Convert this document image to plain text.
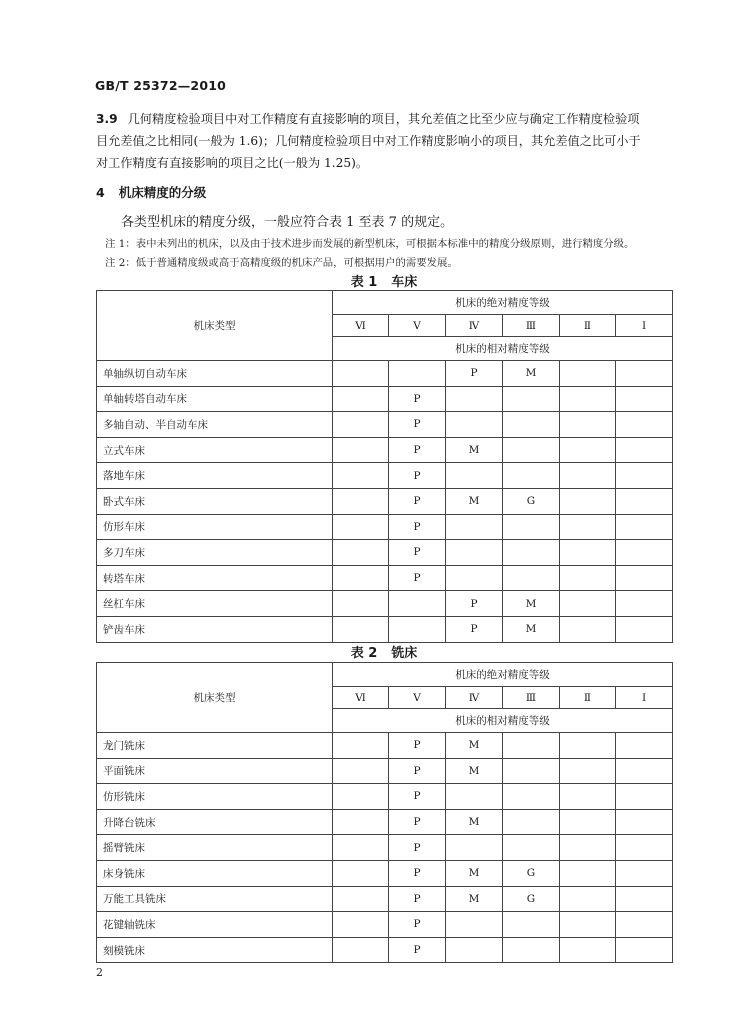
GB/T 25372—2010
3.9 几何精度检验项目中对工作精度有直接影响的项目，其允差值之比至少应与确定工作精度检验项
目允差值之比相同(一般为 1.6)；几何精度检验项目中对工作精度影响小的项目，其允差值之比可小于
对工作精度有直接影响的项目之比(一般为 1.25)。
4 机床精度的分级
各类型机床的精度分级，一般应符合表 1 至表 7 的规定。
注 1：表中未列出的机床，以及由于技术进步而发展的新型机床，可根据本标准中的精度分级原则，进行精度分级。
注 2：低于普通精度级或高于高精度级的机床产品，可根据用户的需要发展。
表 1 车床
机床类型	机床的绝对精度等级					
	Ⅵ	Ⅴ	Ⅳ	Ⅲ	Ⅱ	Ⅰ
	机床的相对精度等级					
单轴纵切自动车床			P	M		
单轴转塔自动车床		P				
多轴自动、半自动车床		P				
立式车床		P	M			
落地车床		P				
卧式车床		P	M	G		
仿形车床		P				
多刀车床		P				
转塔车床		P				
丝杠车床			P	M		
铲齿车床			P	M		
表 2 铣床
机床类型	机床的绝对精度等级					
	Ⅵ	Ⅴ	Ⅳ	Ⅲ	Ⅱ	Ⅰ
	机床的相对精度等级					
龙门铣床		P	M			
平面铣床		P	M			
仿形铣床		P				
升降台铣床		P	M			
摇臂铣床		P				
床身铣床		P	M	G		
万能工具铣床		P	M	G		
花键轴铣床		P				
刻模铣床		P				
2
